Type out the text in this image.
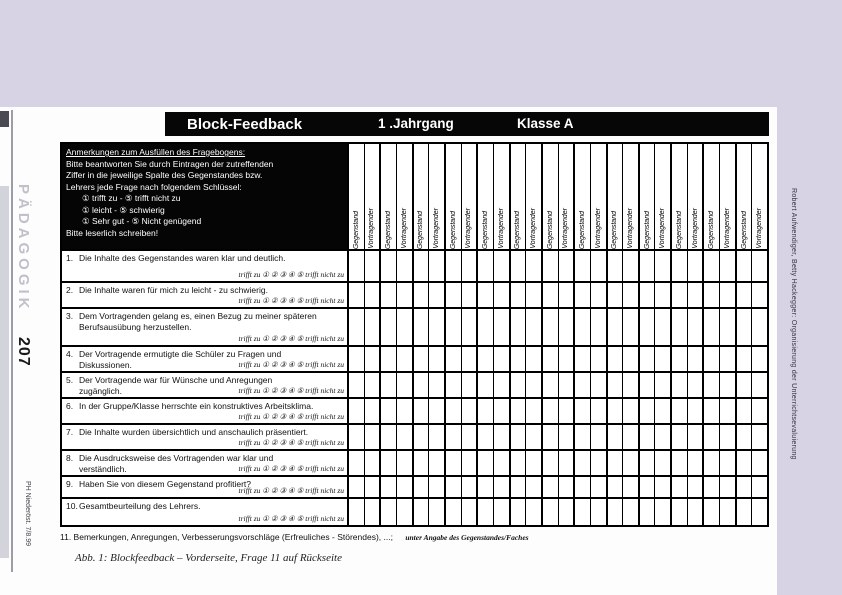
Block-Feedback	1 .Jahrgang	Klasse A
Anmerkungen zum Ausfüllen des Fragebogens:
Bitte beantworten Sie durch Eintragen der zutreffenden
Ziffer in die jeweilige Spalte des Gegenstandes bzw.
Lehrers jede Frage nach folgendem Schlüssel:
① trifft zu - ⑤ trifft nicht zu
① leicht - ⑤ schwierig
① Sehr gut - ⑤ Nicht genügend
Bitte leserlich schreiben!	Gegenstand Vortragender Gegenstand Vortragender Gegenstand Vortragender Gegenstand Vortragender Gegenstand Vortragender Gegenstand Vortragender Gegenstand Vortragender Gegenstand Vortragender Gegenstand Vortragender Gegenstand Vortragender Gegenstand Vortragender Gegenstand Vortragender Gegenstand Vortragender
1. Die Inhalte des Gegenstandes waren klar und deutlich.
trifft zu ① ② ③ ④ ⑤ trifft nicht zu
2. Die Inhalte waren für mich zu leicht - zu schwierig.
trifft zu ① ② ③ ④ ⑤ trifft nicht zu
3. Dem Vortragenden gelang es, einen Bezug zu meiner späteren Berufsausübung herzustellen.
trifft zu ① ② ③ ④ ⑤ trifft nicht zu
4. Der Vortragende ermutigte die Schüler zu Fragen und Diskussionen.	trifft zu ① ② ③ ④ ⑤ trifft nicht zu
5. Der Vortragende war für Wünsche und Anregungen zugänglich.	trifft zu ① ② ③ ④ ⑤ trifft nicht zu
6. In der Gruppe/Klasse herrschte ein konstruktives Arbeitsklima.
trifft zu ① ② ③ ④ ⑤ trifft nicht zu
7. Die Inhalte wurden übersichtlich und anschaulich präsentiert.
trifft zu ① ② ③ ④ ⑤ trifft nicht zu
8. Die Ausdrucksweise des Vortragenden war klar und verständlich.	trifft zu ① ② ③ ④ ⑤ trifft nicht zu
9. Haben Sie von diesem Gegenstand profitiert?
trifft zu ① ② ③ ④ ⑤ trifft nicht zu
10. Gesamtbeurteilung des Lehrers.
trifft zu ① ② ③ ④ ⑤ trifft nicht zu
11. Bemerkungen, Anregungen, Verbesserungsvorschläge (Erfreuliches - Störendes), ...; unter Angabe des Gegenstandes/Faches
Abb. 1: Blockfeedback – Vorderseite, Frage 11 auf Rückseite
PÄDAGOGIK
207
PH Niederöst. 7/8.99
Robert Aufwendiger, Betty Hackegger: Organisierung der Unterrichtsevaluierung
